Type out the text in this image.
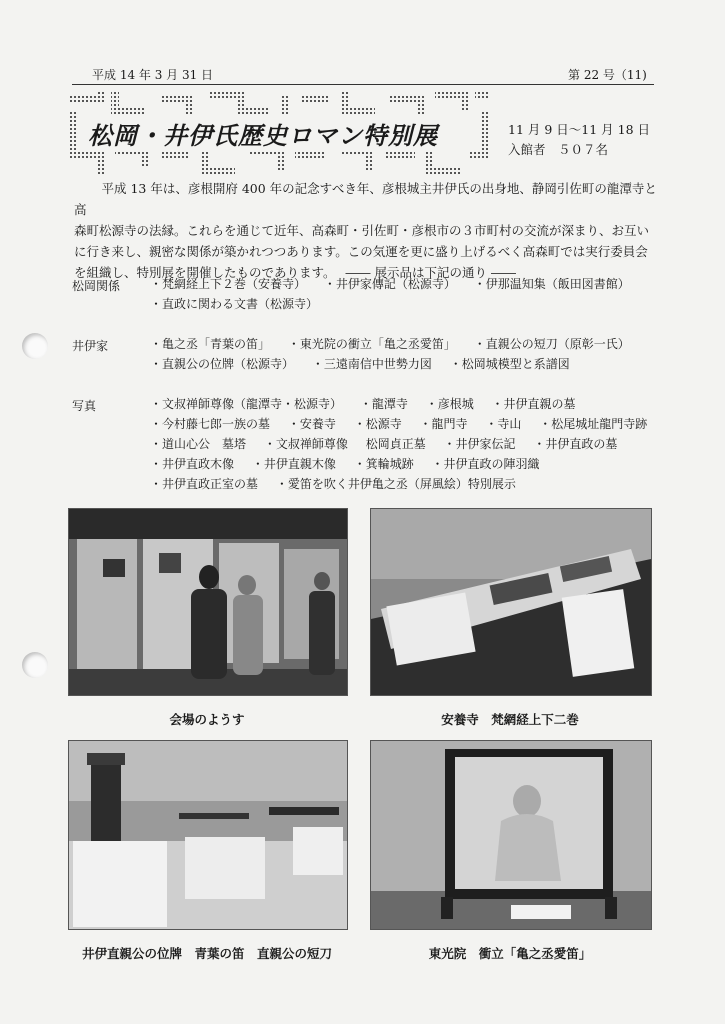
平成 14 年 3 月 31 日	第 22 号（11)
松岡・井伊氏歴史ロマン特別展	11 月 9 日～11 月 18 日
入館者　５０７名

平成 13 年は、彦根開府 400 年の記念すべき年、彦根城主井伊氏の出身地、静岡引佐町の龍潭寺と高

森町松源寺の法縁。これらを通じて近年、高森町・引佐町・彦根市の３市町村の交流が深まり、お互い
に行き来し、親密な関係が築かれつつあります。この気運を更に盛り上げるべく高森町では実行委員会
を組織し、特別展を開催したものであります。 ―― 展示品は下記の通り ――
松岡関係 ・梵網経上下２巻（安養寺） ・井伊家傳記（松源寺） ・伊那温知集（飯田図書館）
・直政に関わる文書（松源寺）
井伊家	・亀之丞「青葉の笛」 ・東光院の衝立「亀之丞愛笛」 ・直親公の短刀（原彰一氏）
・直親公の位牌（松源寺） ・三遠南信中世勢力図 ・松岡城模型と系譜図
写真	・文叔禅師尊像（龍潭寺・松源寺） ・龍潭寺 ・彦根城 ・井伊直親の墓
・今村藤七郎一族の墓 ・安養寺 ・松源寺 ・龍門寺 ・寺山 ・松尾城址龍門寺跡
・道山心公　墓塔 ・文叔禅師尊像 松岡貞正墓 ・井伊家伝記 ・井伊直政の墓
・井伊直政木像 ・井伊直親木像 ・箕輪城跡 ・井伊直政の陣羽織
・井伊直政正室の墓 ・愛笛を吹く井伊亀之丞（屏風絵）特別展示
会場のようす	安養寺　梵網経上下二巻
井伊直親公の位牌　青葉の笛　直親公の短刀	東光院　衝立「亀之丞愛笛」
